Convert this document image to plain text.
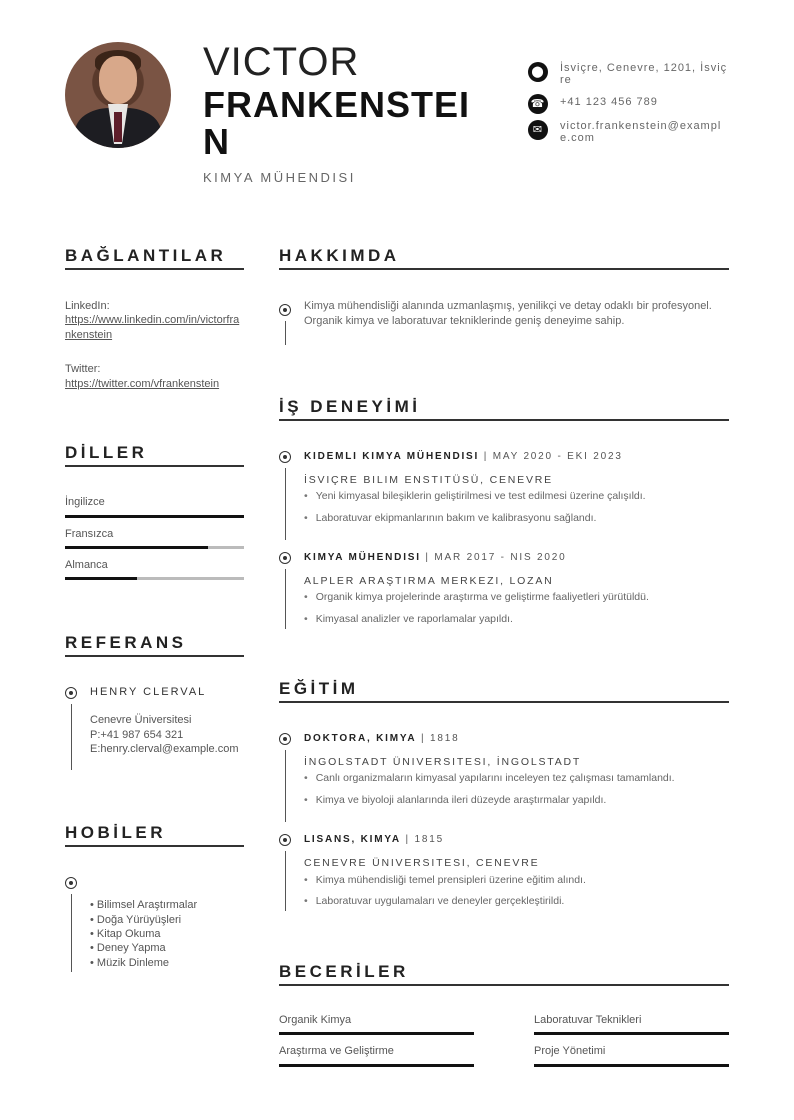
VICTOR
FRANKENSTEIN
KIMYA MÜHENDISI
⬤	İsviçre, Cenevre, 1201, İsviçre
☎ +41 123 456 789
✉	victor.frankenstein@example.com
BAĞLANTILAR
LinkedIn:
https://www.linkedin.com/in/victorfrankenstein
Twitter:
https://twitter.com/vfrankenstein
DİLLER
İngilizce
Fransızca
Almanca
REFERANS
HENRY CLERVAL
Cenevre Üniversitesi
P:+41 987 654 321
E:henry.clerval@example.com
HOBİLER
• Bilimsel Araştırmalar
• Doğa Yürüyüşleri
• Kitap Okuma
• Deney Yapma
• Müzik Dinleme
HAKKIMDA
Kimya mühendisliği alanında uzmanlaşmış, yenilikçi ve detay odaklı bir profesyonel. Organik kimya ve laboratuvar tekniklerinde geniş deneyime sahip.
İŞ DENEYİMİ
KIDEMLI KIMYA MÜHENDISI | MAY 2020 - EKI 2023
İSVIÇRE BILIM ENSTITÜSÜ, CENEVRE
• Yeni kimyasal bileşiklerin geliştirilmesi ve test edilmesi üzerine çalışıldı.
• Laboratuvar ekipmanlarının bakım ve kalibrasyonu sağlandı.
KIMYA MÜHENDISI | MAR 2017 - NIS 2020
ALPLER ARAŞTIRMA MERKEZI, LOZAN
• Organik kimya projelerinde araştırma ve geliştirme faaliyetleri yürütüldü.
• Kimyasal analizler ve raporlamalar yapıldı.
EĞİTİM
DOKTORA, KIMYA | 1818
İNGOLSTADT ÜNIVERSITESI, İNGOLSTADT
• Canlı organizmaların kimyasal yapılarını inceleyen tez çalışması tamamlandı.
• Kimya ve biyoloji alanlarında ileri düzeyde araştırmalar yapıldı.
LISANS, KIMYA | 1815
CENEVRE ÜNIVERSITESI, CENEVRE
• Kimya mühendisliği temel prensipleri üzerine eğitim alındı.
• Laboratuvar uygulamaları ve deneyler gerçekleştirildi.
BECERİLER
Organik Kimya	Laboratuvar Teknikleri
Araştırma ve Geliştirme	Proje Yönetimi
